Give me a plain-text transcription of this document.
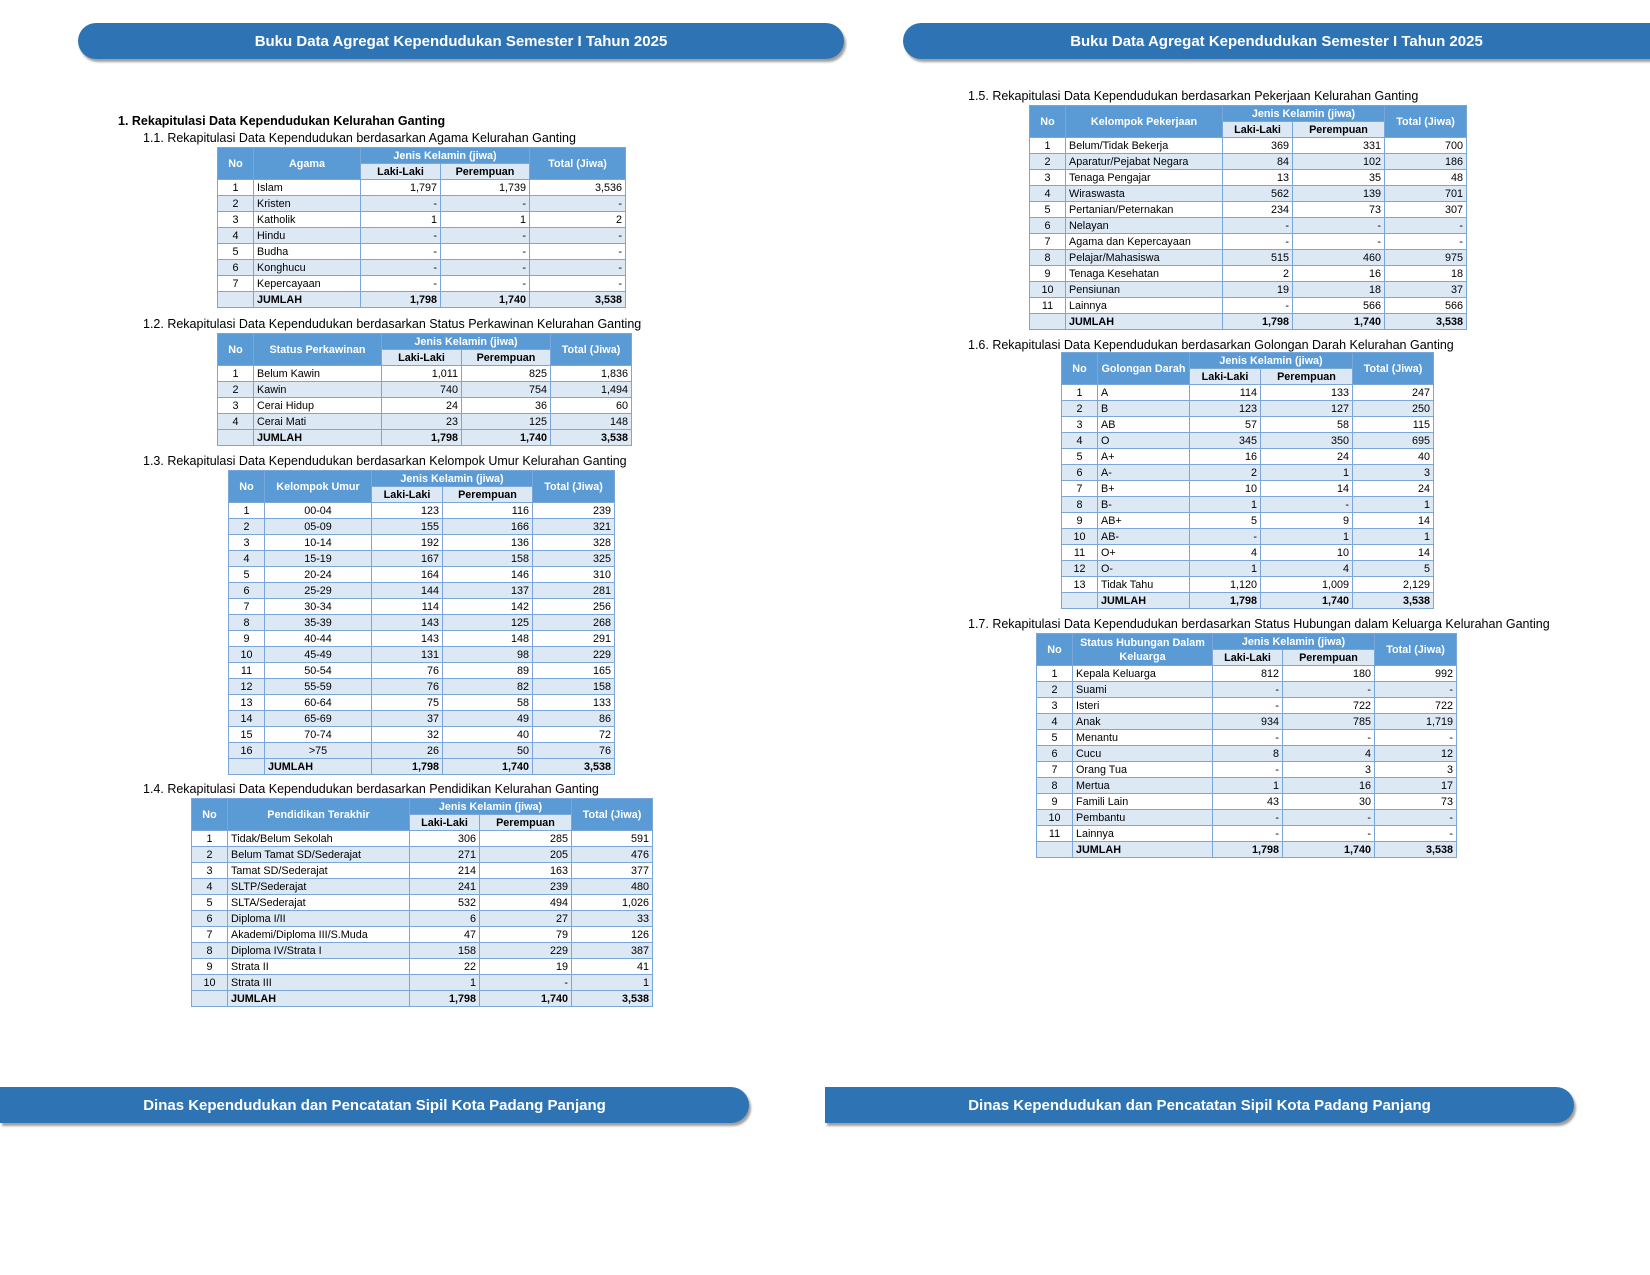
Buku Data Agregat Kependudukan Semester I Tahun 2025	Buku Data Agregat Kependudukan Semester I Tahun 2025
Dinas Kependudukan dan Pencatatan Sipil Kota Padang Panjang	Dinas Kependudukan dan Pencatatan Sipil Kota Padang Panjang
1. Rekapitulasi Data Kependudukan Kelurahan Ganting
1.1. Rekapitulasi Data Kependudukan berdasarkan Agama Kelurahan Ganting
1.2. Rekapitulasi Data Kependudukan berdasarkan Status Perkawinan Kelurahan Ganting
1.3. Rekapitulasi Data Kependudukan berdasarkan Kelompok Umur Kelurahan Ganting
1.4. Rekapitulasi Data Kependudukan berdasarkan Pendidikan Kelurahan Ganting
1.5. Rekapitulasi Data Kependudukan berdasarkan Pekerjaan Kelurahan Ganting
1.6. Rekapitulasi Data Kependudukan berdasarkan Golongan Darah Kelurahan Ganting
1.7. Rekapitulasi Data Kependudukan berdasarkan Status Hubungan dalam Keluarga Kelurahan Ganting
No	Agama	Jenis Kelamin (jiwa)		Total (Jiwa)
		Laki-Laki	Perempuan	
1	Islam	1,797	1,739	3,536
2	Kristen	-	-	-
3	Katholik	1	1	2
4	Hindu	-	-	-
5	Budha	-	-	-
6	Konghucu	-	-	-
7	Kepercayaan	-	-	-
	JUMLAH	1,798	1,740	3,538
No	Status Perkawinan	Jenis Kelamin (jiwa)		Total (Jiwa)
		Laki-Laki	Perempuan	
1	Belum Kawin	1,011	825	1,836
2	Kawin	740	754	1,494
3	Cerai Hidup	24	36	60
4	Cerai Mati	23	125	148
	JUMLAH	1,798	1,740	3,538
No	Kelompok Umur	Jenis Kelamin (jiwa)		Total (Jiwa)
		Laki-Laki	Perempuan	
1	00-04	123	116	239
2	05-09	155	166	321
3	10-14	192	136	328
4	15-19	167	158	325
5	20-24	164	146	310
6	25-29	144	137	281
7	30-34	114	142	256
8	35-39	143	125	268
9	40-44	143	148	291
10	45-49	131	98	229
11	50-54	76	89	165
12	55-59	76	82	158
13	60-64	75	58	133
14	65-69	37	49	86
15	70-74	32	40	72
16	>75	26	50	76
	JUMLAH	1,798	1,740	3,538
No	Pendidikan Terakhir	Jenis Kelamin (jiwa)		Total (Jiwa)
		Laki-Laki	Perempuan	
1	Tidak/Belum Sekolah	306	285	591
2	Belum Tamat SD/Sederajat	271	205	476
3	Tamat SD/Sederajat	214	163	377
4	SLTP/Sederajat	241	239	480
5	SLTA/Sederajat	532	494	1,026
6	Diploma I/II	6	27	33
7	Akademi/Diploma III/S.Muda	47	79	126
8	Diploma IV/Strata I	158	229	387
9	Strata II	22	19	41
10	Strata III	1	-	1
	JUMLAH	1,798	1,740	3,538
No	Kelompok Pekerjaan	Jenis Kelamin (jiwa)		Total (Jiwa)
		Laki-Laki	Perempuan	
1	Belum/Tidak Bekerja	369	331	700
2	Aparatur/Pejabat Negara	84	102	186
3	Tenaga Pengajar	13	35	48
4	Wiraswasta	562	139	701
5	Pertanian/Peternakan	234	73	307
6	Nelayan	-	-	-
7	Agama dan Kepercayaan	-	-	-
8	Pelajar/Mahasiswa	515	460	975
9	Tenaga Kesehatan	2	16	18
10	Pensiunan	19	18	37
11	Lainnya	-	566	566
	JUMLAH	1,798	1,740	3,538
No	Golongan Darah	Jenis Kelamin (jiwa)		Total (Jiwa)
		Laki-Laki	Perempuan	
1	A	114	133	247
2	B	123	127	250
3	AB	57	58	115
4	O	345	350	695
5	A+	16	24	40
6	A-	2	1	3
7	B+	10	14	24
8	B-	1	-	1
9	AB+	5	9	14
10	AB-	-	1	1
11	O+	4	10	14
12	O-	1	4	5
13	Tidak Tahu	1,120	1,009	2,129
	JUMLAH	1,798	1,740	3,538
No	Status Hubungan Dalam Keluarga	Jenis Kelamin (jiwa)		Total (Jiwa)
		Laki-Laki	Perempuan	
1	Kepala Keluarga	812	180	992
2	Suami	-	-	-
3	Isteri	-	722	722
4	Anak	934	785	1,719
5	Menantu	-	-	-
6	Cucu	8	4	12
7	Orang Tua	-	3	3
8	Mertua	1	16	17
9	Famili Lain	43	30	73
10	Pembantu	-	-	-
11	Lainnya	-	-	-
	JUMLAH	1,798	1,740	3,538
